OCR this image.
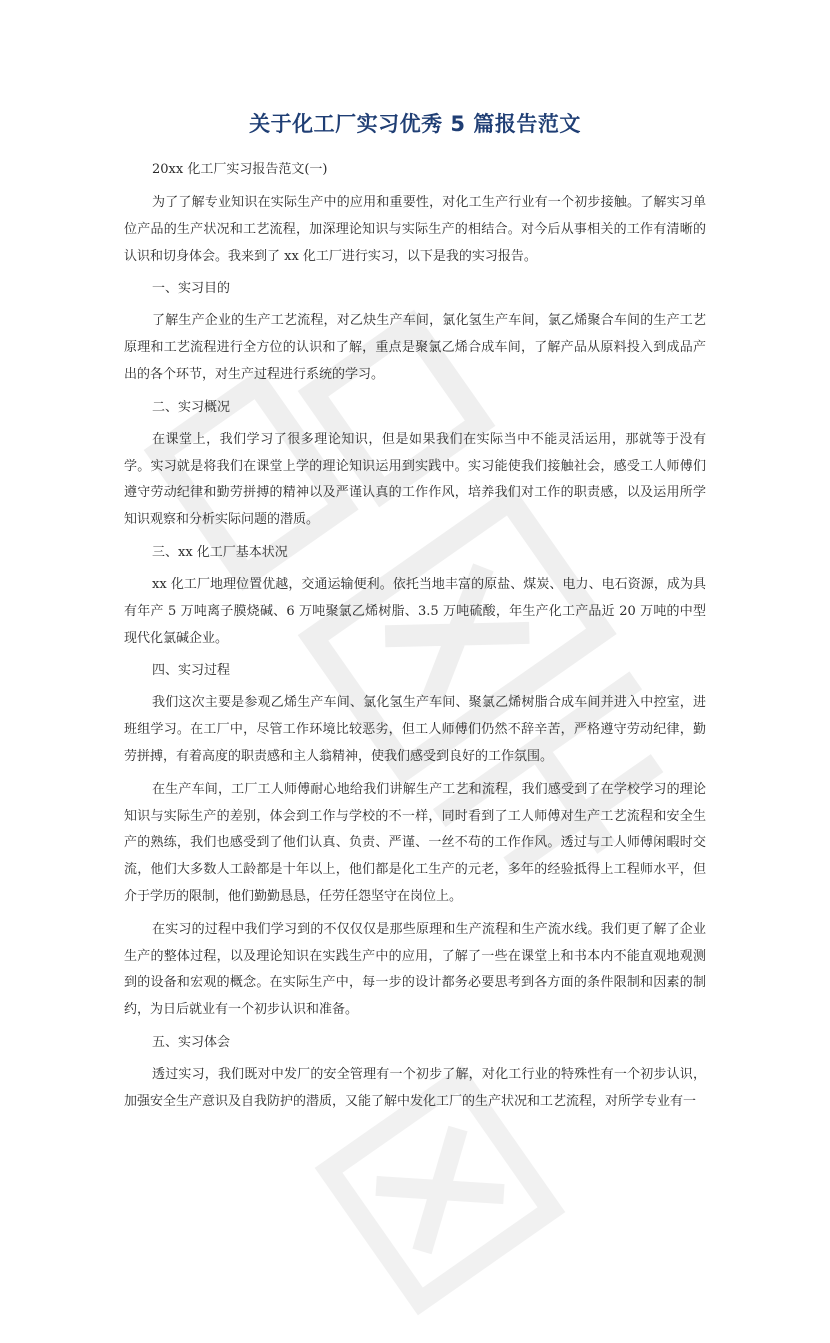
关于化工厂实习优秀 5 篇报告范文
20xx 化工厂实习报告范文(一)

为了了解专业知识在实际生产中的应用和重要性，对化工生产行业有一个初步接触。了解实习单位产品的生产状况和工艺流程，加深理论知识与实际生产的相结合。对今后从事相关的工作有清晰的认识和切身体会。我来到了 xx 化工厂进行实习，以下是我的实习报告。

一、实习目的

了解生产企业的生产工艺流程，对乙炔生产车间，氯化氢生产车间，氯乙烯聚合车间的生产工艺原理和工艺流程进行全方位的认识和了解，重点是聚氯乙烯合成车间，了解产品从原料投入到成品产出的各个环节，对生产过程进行系统的学习。

二、实习概况

在课堂上，我们学习了很多理论知识，但是如果我们在实际当中不能灵活运用，那就等于没有学。实习就是将我们在课堂上学的理论知识运用到实践中。实习能使我们接触社会，感受工人师傅们遵守劳动纪律和勤劳拼搏的精神以及严谨认真的工作作风，培养我们对工作的职责感，以及运用所学知识观察和分析实际问题的潜质。

三、xx 化工厂基本状况

xx 化工厂地理位置优越，交通运输便利。依托当地丰富的原盐、煤炭、电力、电石资源，成为具有年产 5 万吨离子膜烧碱、6 万吨聚氯乙烯树脂、3.5 万吨硫酸，年生产化工产品近 20 万吨的中型现代化氯碱企业。

四、实习过程

我们这次主要是参观乙烯生产车间、氯化氢生产车间、聚氯乙烯树脂合成车间并进入中控室，进班组学习。在工厂中，尽管工作环境比较恶劣，但工人师傅们仍然不辞辛苦，严格遵守劳动纪律，勤劳拼搏，有着高度的职责感和主人翁精神，使我们感受到良好的工作氛围。

在生产车间，工厂工人师傅耐心地给我们讲解生产工艺和流程，我们感受到了在学校学习的理论知识与实际生产的差别，体会到工作与学校的不一样，同时看到了工人师傅对生产工艺流程和安全生产的熟练，我们也感受到了他们认真、负责、严谨、一丝不苟的工作作风。透过与工人师傅闲暇时交流，他们大多数人工龄都是十年以上，他们都是化工生产的元老，多年的经验抵得上工程师水平，但介于学历的限制，他们勤勤恳恳，任劳任怨坚守在岗位上。

在实习的过程中我们学习到的不仅仅仅是那些原理和生产流程和生产流水线。我们更了解了企业生产的整体过程，以及理论知识在实践生产中的应用，了解了一些在课堂上和书本内不能直观地观测到的设备和宏观的概念。在实际生产中，每一步的设计都务必要思考到各方面的条件限制和因素的制约，为日后就业有一个初步认识和准备。

五、实习体会

透过实习，我们既对中发厂的安全管理有一个初步了解，对化工行业的特殊性有一个初步认识，加强安全生产意识及自我防护的潜质，又能了解中发化工厂的生产状况和工艺流程，对所学专业有一
